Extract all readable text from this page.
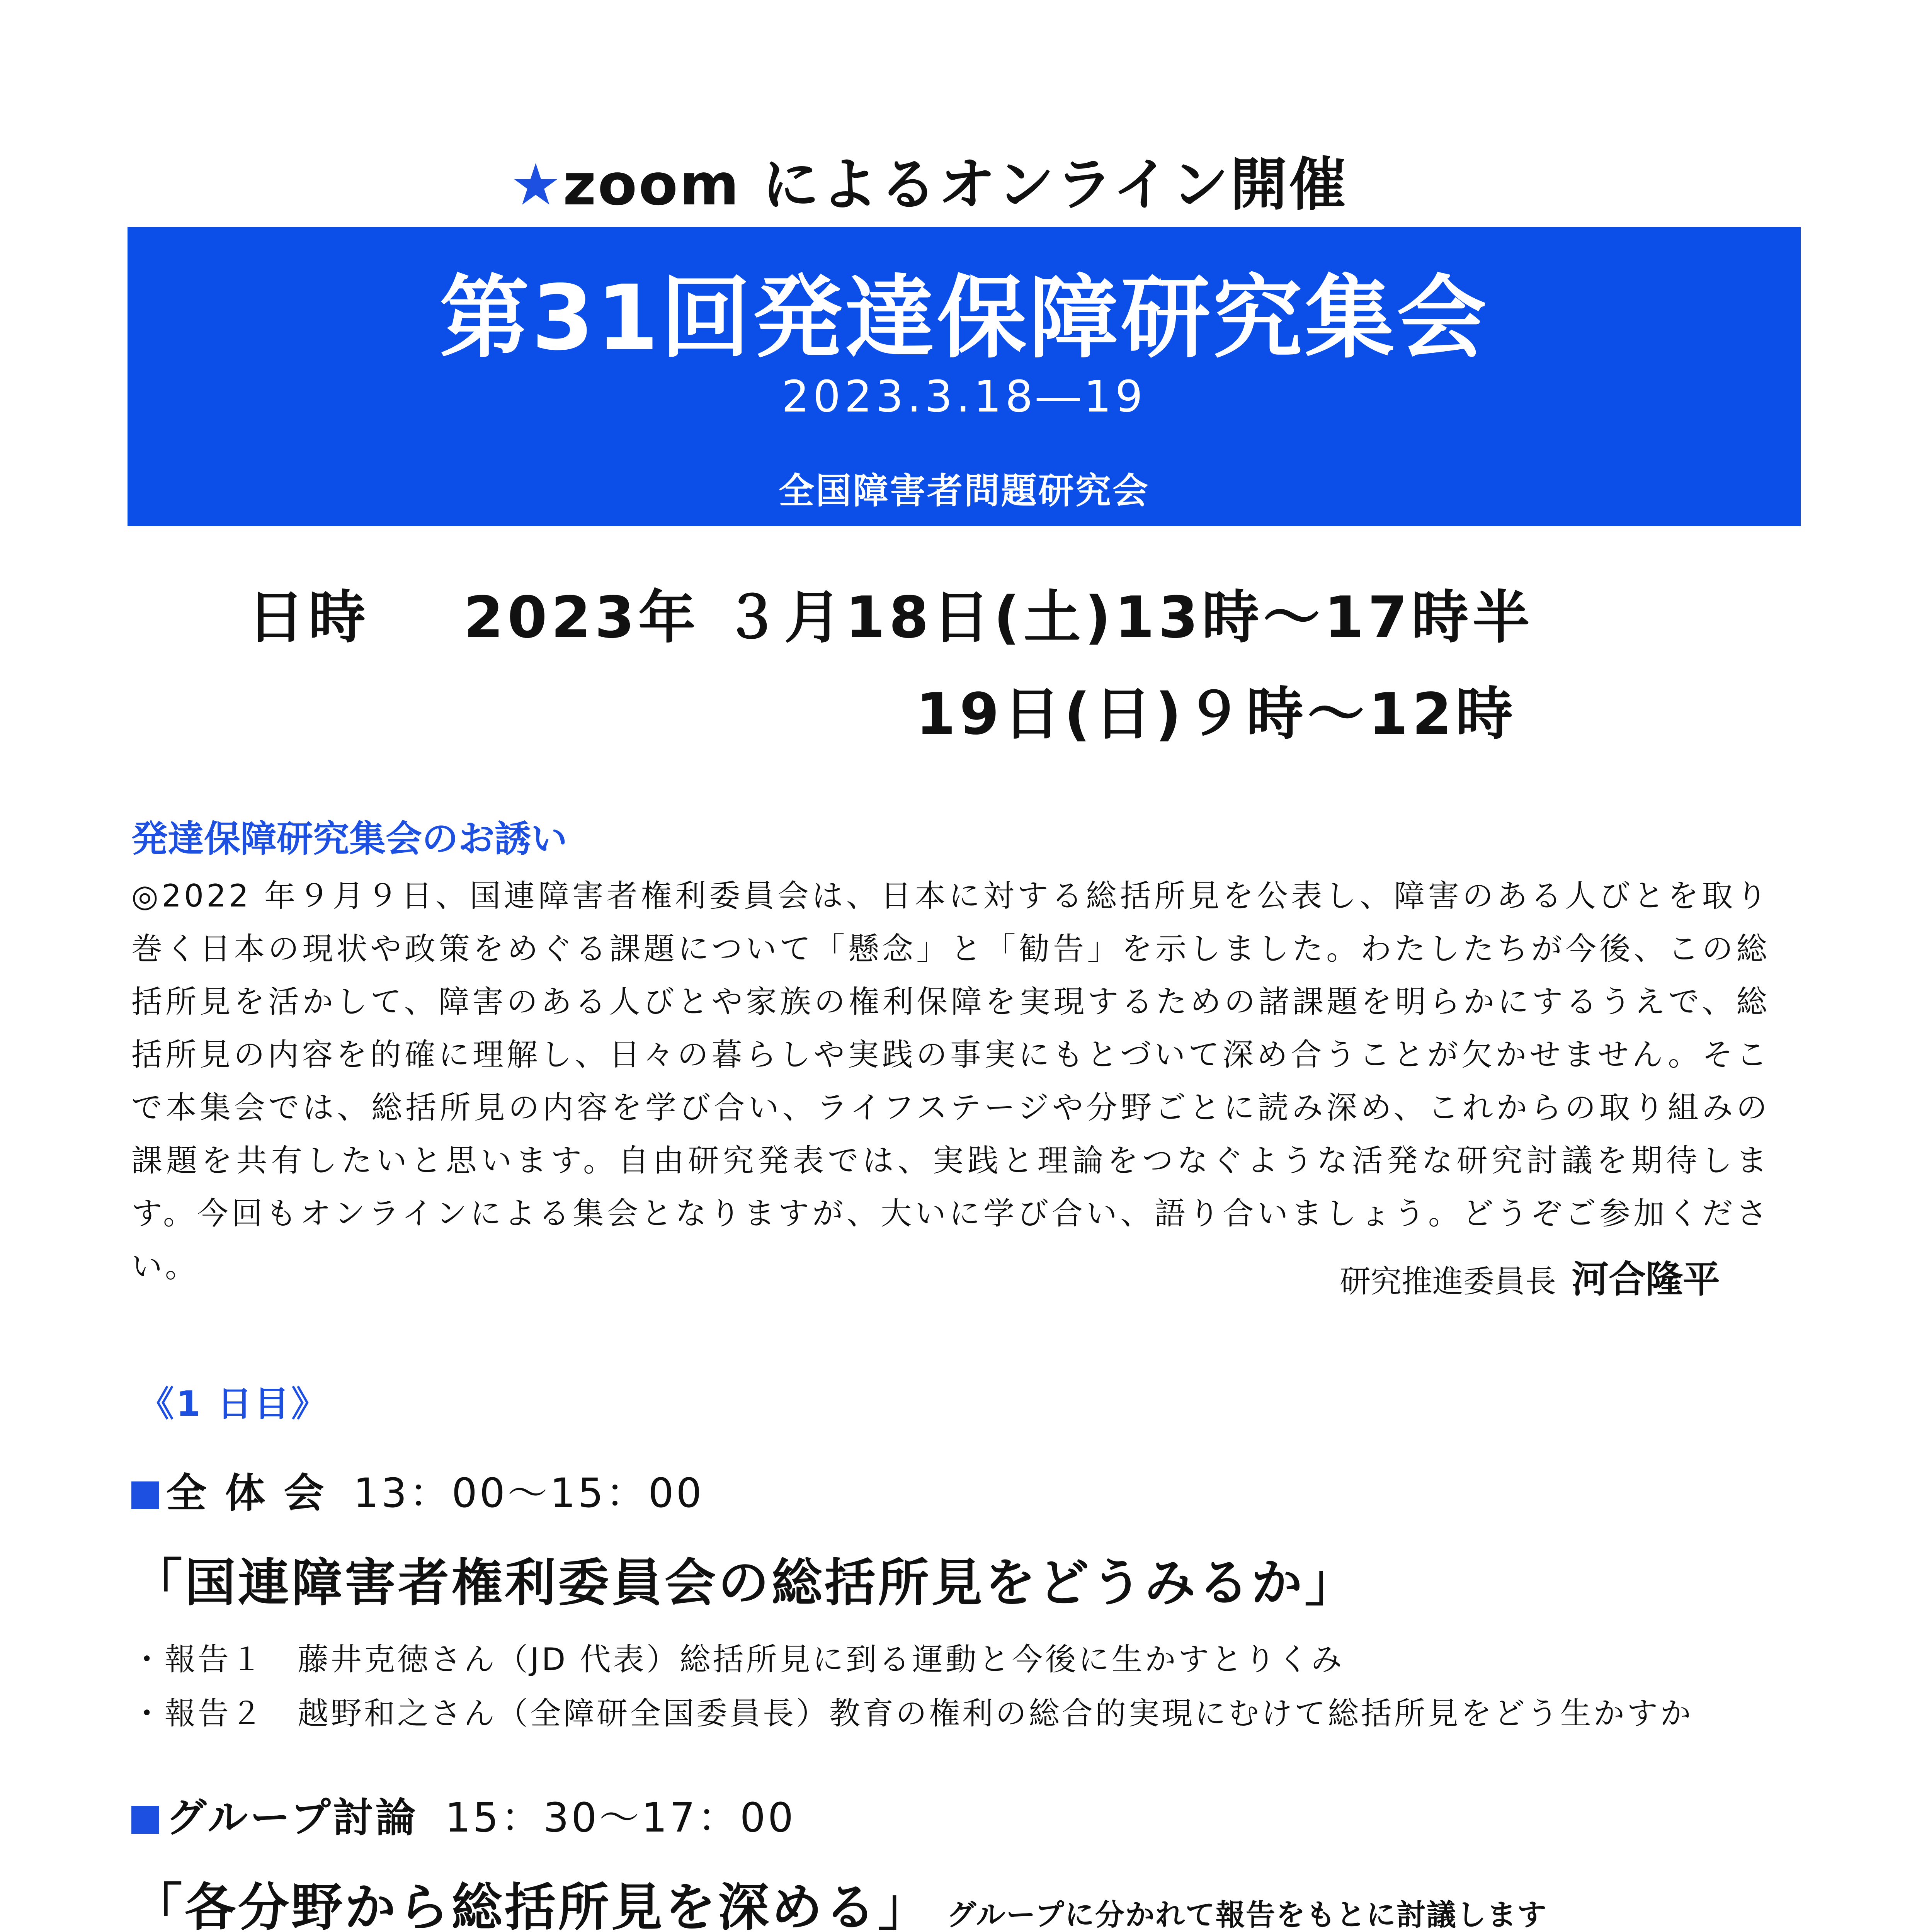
★zoom によるオンライン開催
第31回発達保障研究集会
2023.3.18―19
全国障害者問題研究会
日時 2023年 ３月18日(土)13時～17時半
19日(日)９時～12時
発達保障研究集会のお誘い
◎2022 年９月９日、国連障害者権利委員会は、日本に対する総括所見を公表し、障害のある人びとを取り巻く日本の現状や政策をめぐる課題について「懸念」と「勧告」を示しました。わたしたちが今後、この総括所見を活かして、障害のある人びとや家族の権利保障を実現するための諸課題を明らかにするうえで、総括所見の内容を的確に理解し、日々の暮らしや実践の事実にもとづいて深め合うことが欠かせません。そこで本集会では、総括所見の内容を学び合い、ライフステージや分野ごとに読み深め、これからの取り組みの課題を共有したいと思います。自由研究発表では、実践と理論をつなぐような活発な研究討議を期待します。今回もオンラインによる集会となりますが、大いに学び合い、語り合いましょう。どうぞご参加ください。	研究推進委員長 河合隆平
《1 日目》
全 体 会 13：00～15：00
「国連障害者権利委員会の総括所見をどうみるか」
・報告１　藤井克徳さん（JD 代表）総括所見に到る運動と今後に生かすとりくみ
・報告２　越野和之さん（全障研全国委員長）教育の権利の総合的実現にむけて総括所見をどう生かすか
グループ討論 15：30～17：00
「各分野から総括所見を深める」 グループに分かれて報告をもとに討議します
